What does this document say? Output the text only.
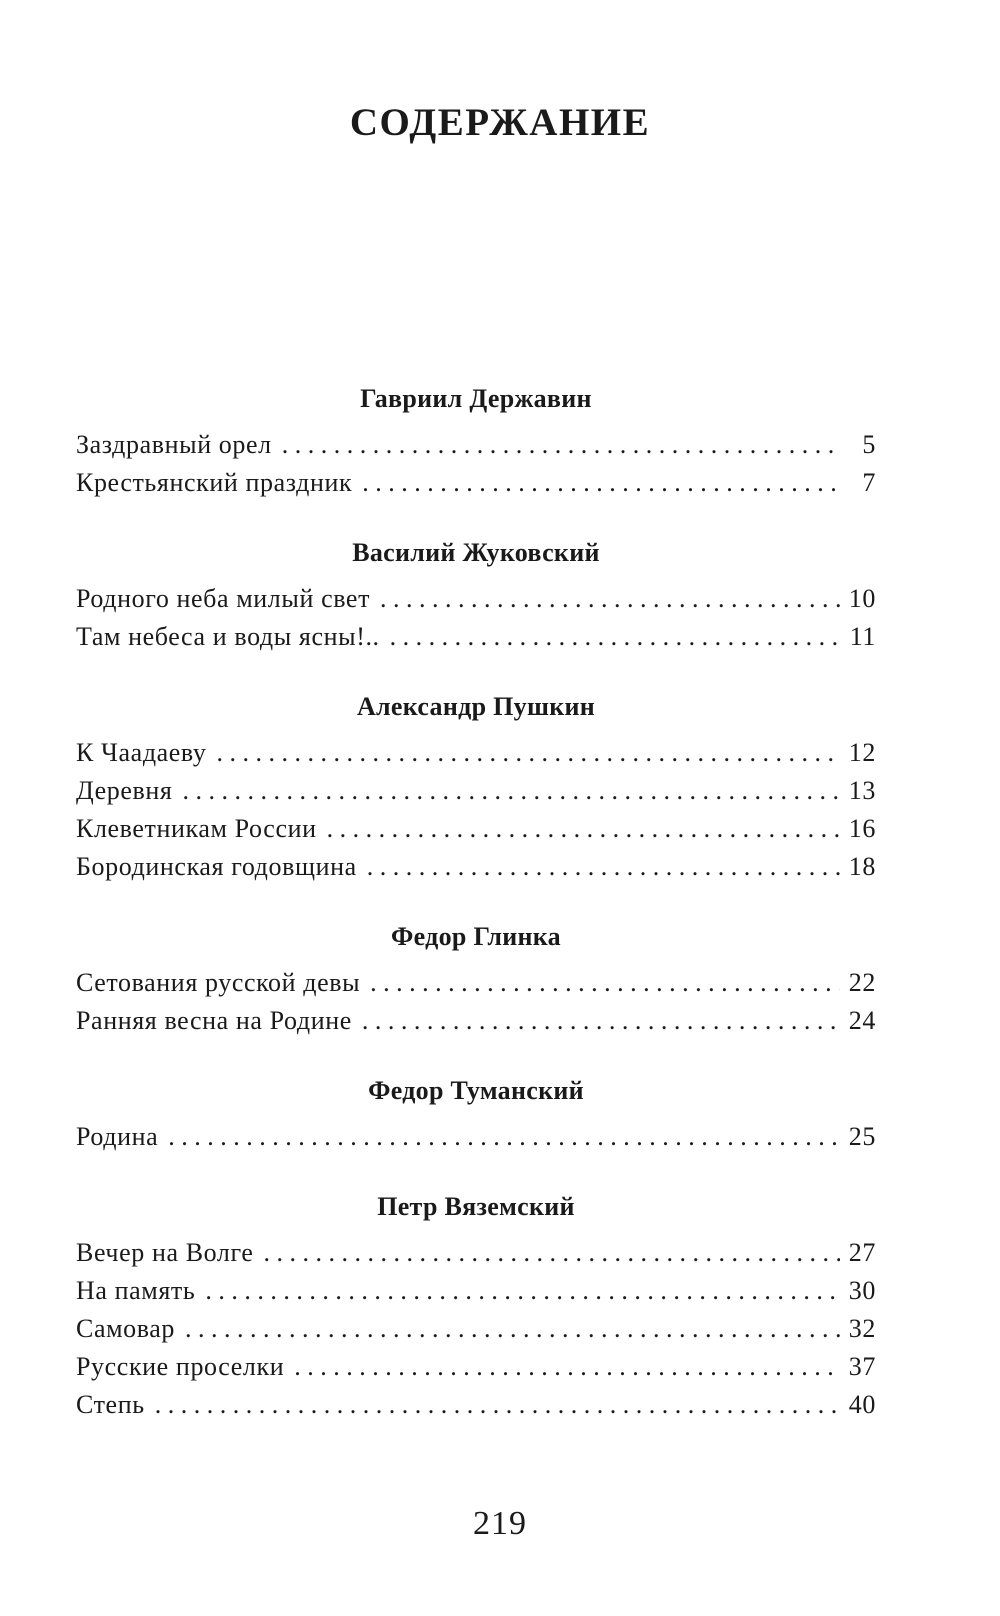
СОДЕРЖАНИЕ
Гавриил Державин
Заздравный орел . . .	5
Крестьянский праздник . . .	7
Василий Жуковский
Родного неба милый свет . . .	10
Там небеса и воды ясны!.. . . .	11
Александр Пушкин
К Чаадаеву . . .	12
Деревня . . .	13
Клеветникам России . . .	16
Бородинская годовщина . . .	18
Федор Глинка
Сетования русской девы . . .	22
Ранняя весна на Родине . . .	24
Федор Туманский
Родина . . .	25
Петр Вяземский
Вечер на Волге . . .	27
На память . . .	30
Самовар . . .	32
Русские проселки . . .	37
Степь . . .	40
219
